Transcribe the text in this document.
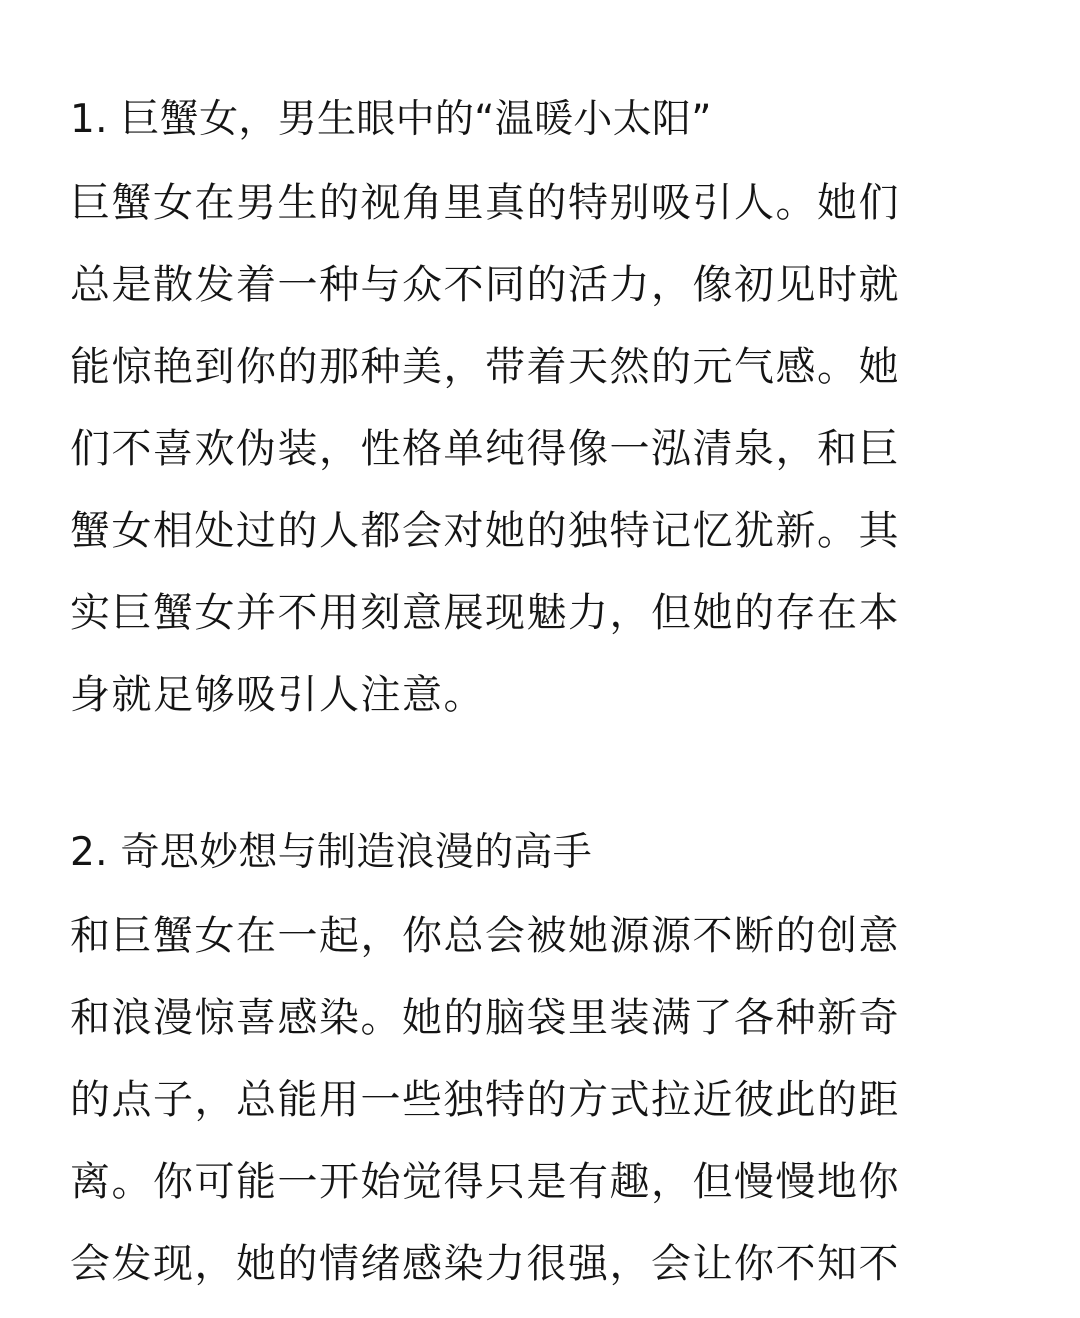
1. 巨蟹女，男生眼中的“温暖小太阳”
巨蟹女在男生的视角里真的特别吸引人。她们
总是散发着一种与众不同的活力，像初见时就
能惊艳到你的那种美，带着天然的元气感。她
们不喜欢伪装，性格单纯得像一泓清泉，和巨
蟹女相处过的人都会对她的独特记忆犹新。其
实巨蟹女并不用刻意展现魅力，但她的存在本
身就足够吸引人注意。
2. 奇思妙想与制造浪漫的高手
和巨蟹女在一起，你总会被她源源不断的创意
和浪漫惊喜感染。她的脑袋里装满了各种新奇
的点子，总能用一些独特的方式拉近彼此的距
离。你可能一开始觉得只是有趣，但慢慢地你
会发现，她的情绪感染力很强，会让你不知不
